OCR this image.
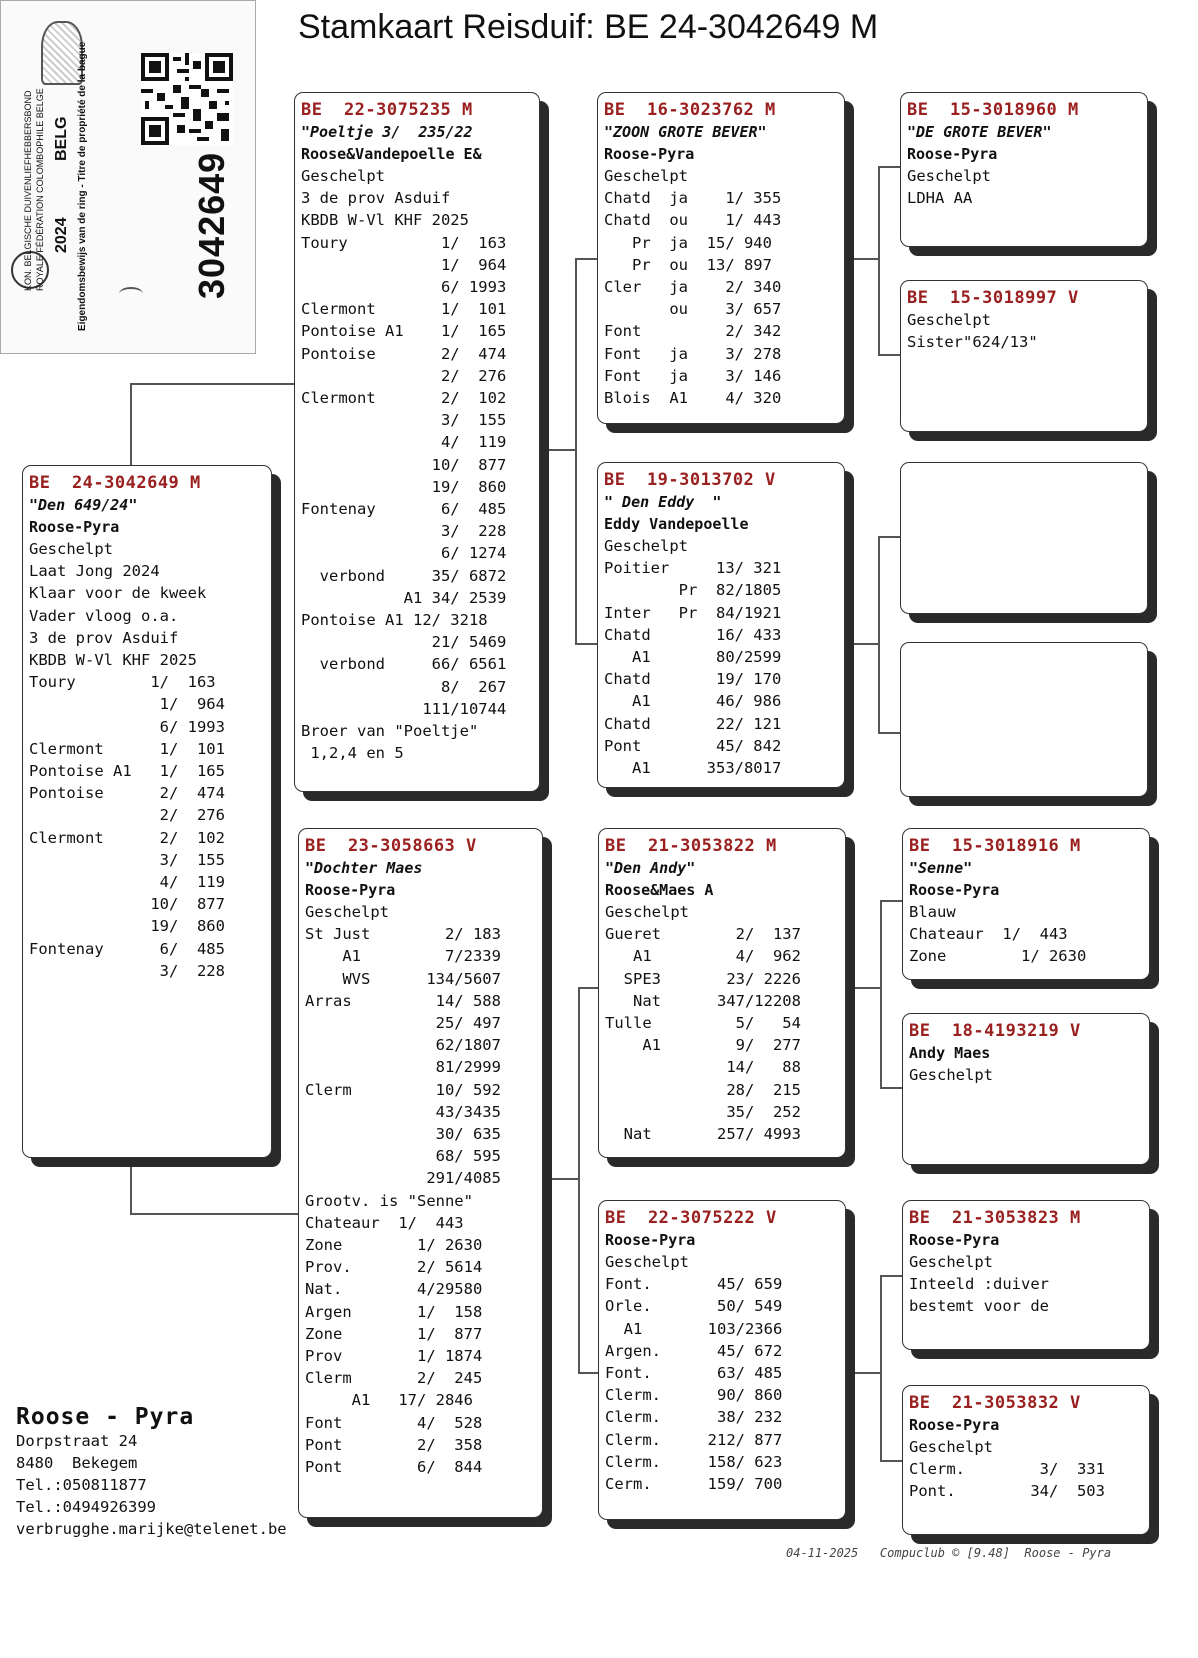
Stamkaart Reisduif: BE 24-3042649 M
KON. BELGISCHE DUIVENLIEFHEBBERSBOND ROYALE FÉDÉRATION COLOMBOPHILE BELGE 2024
BELG Eigendomsbewijs van de ring - Titre de propriété de la bague	3042649
BE  24-3042649 M
"Den 649/24"
Roose-Pyra
Geschelpt
Laat Jong 2024
Klaar voor de kweek
Vader vloog o.a.
3 de prov Asduif
KBDB W-Vl KHF 2025
Toury        1/  163
1/  964
6/ 1993
Clermont      1/  101
Pontoise A1   1/  165
Pontoise      2/  474
2/  276
Clermont      2/  102
3/  155
4/  119
10/  877
19/  860
Fontenay      6/  485
3/  228
BE  22-3075235 M
"Poeltje 3/  235/22
Roose&Vandepoelle E&
Geschelpt
3 de prov Asduif
KBDB W-Vl KHF 2025
Toury          1/  163
1/  964
6/ 1993
Clermont       1/  101
Pontoise A1    1/  165
Pontoise       2/  474
2/  276
Clermont       2/  102
3/  155
4/  119
10/  877
19/  860
Fontenay       6/  485
3/  228
6/ 1274
verbond     35/ 6872
A1 34/ 2539
Pontoise A1 12/ 3218
21/ 5469
verbond     66/ 6561
8/  267
111/10744
Broer van "Poeltje"
1,2,4 en 5
BE  23-3058663 V
"Dochter Maes
Roose-Pyra
Geschelpt
St Just        2/ 183
A1         7/2339
WVS      134/5607
Arras         14/ 588
25/ 497
62/1807
81/2999
Clerm         10/ 592
43/3435
30/ 635
68/ 595
291/4085
Grootv. is "Senne"
Chateaur  1/  443
Zone        1/ 2630
Prov.       2/ 5614
Nat.        4/29580
Argen       1/  158
Zone        1/  877
Prov        1/ 1874
Clerm       2/  245
A1   17/ 2846
Font        4/  528
Pont        2/  358
Pont        6/  844
BE  16-3023762 M
"ZOON GROTE BEVER"
Roose-Pyra
Geschelpt
Chatd  ja    1/ 355
Chatd  ou    1/ 443
Pr  ja  15/ 940
Pr  ou  13/ 897
Cler   ja    2/ 340
ou    3/ 657
Font         2/ 342
Font   ja    3/ 278
Font   ja    3/ 146
Blois  A1    4/ 320
BE  19-3013702 V
" Den Eddy  "
Eddy Vandepoelle
Geschelpt
Poitier     13/ 321
Pr  82/1805
Inter   Pr  84/1921
Chatd       16/ 433
A1       80/2599
Chatd       19/ 170
A1       46/ 986
Chatd       22/ 121
Pont        45/ 842
A1      353/8017
BE  21-3053822 M
"Den Andy"
Roose&Maes A
Geschelpt
Gueret        2/  137
A1         4/  962
SPE3       23/ 2226
Nat      347/12208
Tulle         5/   54
A1        9/  277
14/   88
28/  215
35/  252
Nat       257/ 4993
BE  22-3075222 V
Roose-Pyra
Geschelpt
Font.       45/ 659
Orle.       50/ 549
A1       103/2366
Argen.      45/ 672
Font.       63/ 485
Clerm.      90/ 860
Clerm.      38/ 232
Clerm.     212/ 877
Clerm.     158/ 623
Cerm.      159/ 700
BE  15-3018960 M
"DE GROTE BEVER"
Roose-Pyra
Geschelpt
LDHA AA
BE  15-3018997 V
Geschelpt
Sister"624/13"
BE  15-3018916 M
"Senne"
Roose-Pyra
Blauw
Chateaur  1/  443
Zone        1/ 2630
BE  18-4193219 V
Andy Maes
Geschelpt
BE  21-3053823 M
Roose-Pyra
Geschelpt
Inteeld :duiver
bestemt voor de
BE  21-3053832 V
Roose-Pyra
Geschelpt
Clerm.        3/  331
Pont.        34/  503
Roose - Pyra
Dorpstraat 24
8480  Bekegem
Tel.:050811877
Tel.:0494926399
verbrugghe.marijke@telenet.be
04-11-2025   Compuclub © [9.48]  Roose - Pyra
